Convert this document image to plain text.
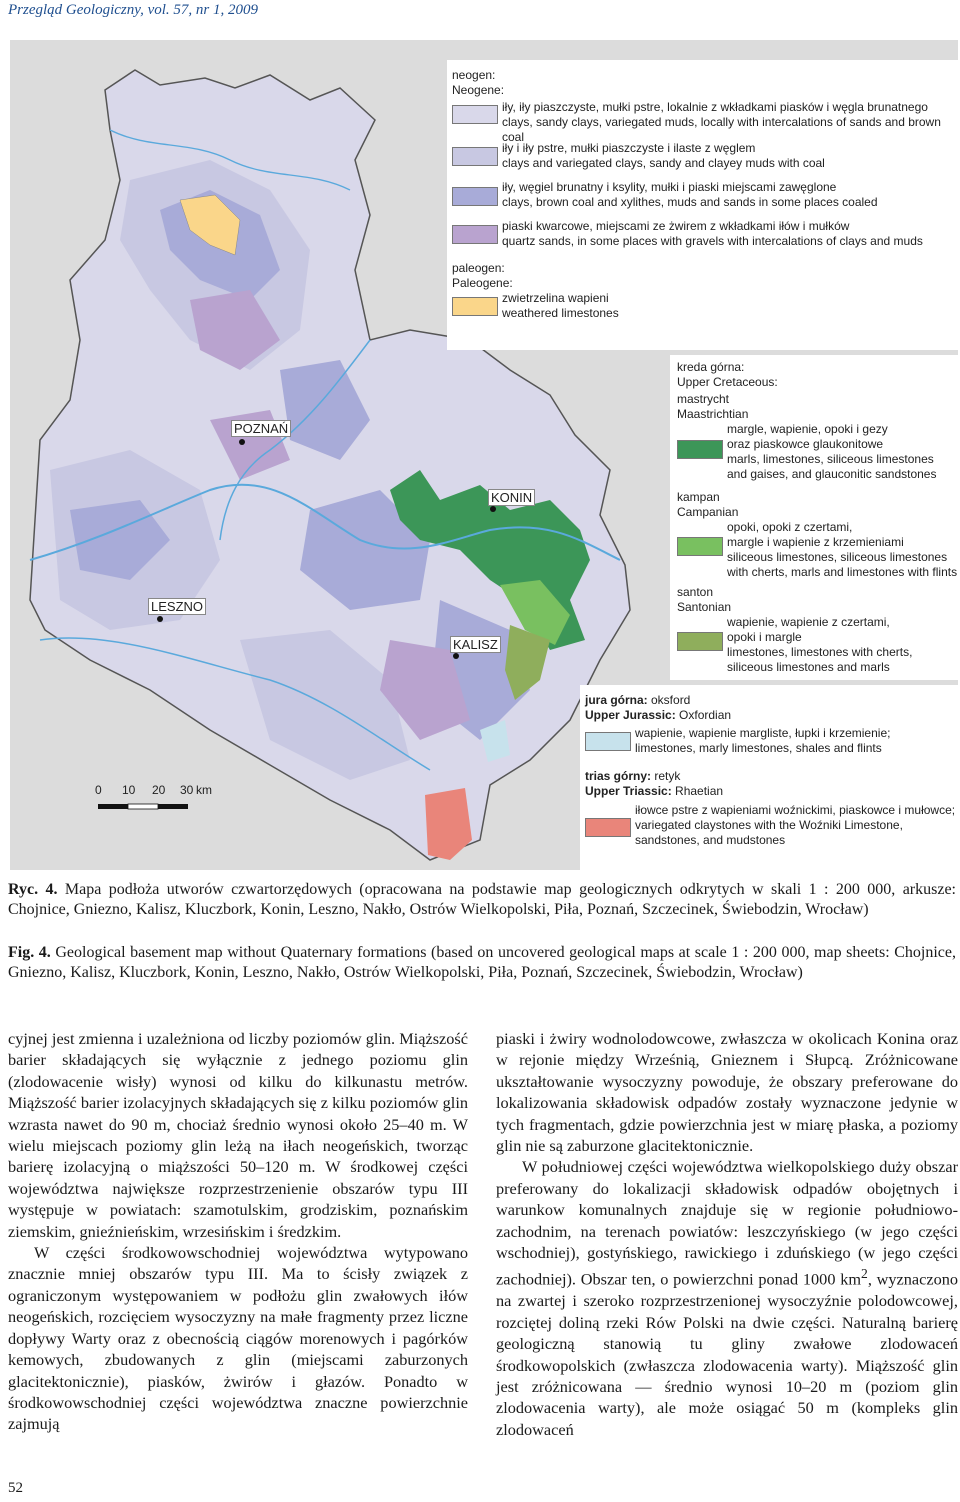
Przegląd Geologiczny, vol. 57, nr 1, 2009
POZNAŃ
KONIN
LESZNO
KALISZ
0 10 20 30 km
neogen:
Neogene:
iły, iły piaszczyste, mułki pstre, lokalnie z wkładkami piasków i węgla brunatnego
clays, sandy clays, variegated muds, locally with intercalations of sands and brown coal
iły i iły pstre, mułki piaszczyste i ilaste z węglem
clays and variegated clays, sandy and clayey muds with coal
iły, węgiel brunatny i ksylity, mułki i piaski miejscami zawęglone
clays, brown coal and xylithes, muds and sands in some places coaled
piaski kwarcowe, miejscami ze żwirem z wkładkami iłów i mułków
quartz sands, in some places with gravels with intercalations of clays and muds
paleogen:
Paleogene:
zwietrzelina wapieni
weathered limestones
kreda górna:
Upper Cretaceous:
mastrycht
Maastrichtian
margle, wapienie, opoki i gezy
oraz piaskowce glaukonitowe
marls, limestones, siliceous limestones
and gaises, and glauconitic sandstones
kampan
Campanian
opoki, opoki z czertami,
margle i wapienie z krzemieniami
siliceous limestones, siliceous limestones
with cherts, marls and limestones with flints
santon
Santonian
wapienie, wapienie z czertami,
opoki i margle
limestones, limestones with cherts,
siliceous limestones and marls
jura górna: oksford
Upper Jurassic: Oxfordian
wapienie, wapienie margliste, łupki i krzemienie;
limestones, marly limestones, shales and flints
trias górny: retyk
Upper Triassic: Rhaetian
iłowce pstre z wapieniami woźnickimi, piaskowce i mułowce;
variegated claystones with the Woźniki Limestone,
sandstones, and mudstones
Ryc. 4. Mapa podłoża utworów czwartorzędowych (opracowana na podstawie map geologicznych odkrytych w skali 1 : 200 000, arkusze: Chojnice, Gniezno, Kalisz, Kluczbork, Konin, Leszno, Nakło, Ostrów Wielkopolski, Piła, Poznań, Szczecinek, Świebodzin, Wrocław)
Fig. 4. Geological basement map without Quaternary formations (based on uncovered geological maps at scale 1 : 200 000, map sheets: Chojnice, Gniezno, Kalisz, Kluczbork, Konin, Leszno, Nakło, Ostrów Wielkopolski, Piła, Poznań, Szczecinek, Świebodzin, Wrocław)

cyjnej jest zmienna i uzależniona od liczby poziomów glin. Miąższość barier składających się wyłącznie z jednego poziomu glin (zlodowacenie wisły) wynosi od kilku do kilkunastu metrów. Miąższość barier izolacyjnych składających się z kilku poziomów glin wzrasta nawet do 90 m, chociaż średnio wynosi około 25–40 m. W wielu miejscach poziomy glin leżą na iłach neogeńskich, tworząc barierę izolacyjną o miąższości 50–120 m. W środkowej części województwa największe rozprzestrzenienie obszarów typu III występuje w powiatach: szamotulskim, grodziskim, poznańskim ziemskim, gnieźnieńskim, wrzesińskim i średzkim.

W części środkowowschodniej województwa wytypowano znacznie mniej obszarów typu III. Ma to ścisły związek z ograniczonym występowaniem w podłożu glin zwałowych iłów neogeńskich, rozcięciem wysoczyzny na małe fragmenty przez liczne dopływy Warty oraz z obecnością ciągów morenowych i pagórków kemowych, zbudowanych z glin (miejscami zaburzonych glacitektonicznie), piasków, żwirów i głazów. Ponadto w środkowowschodniej części województwa znaczne powierzchnie zajmują

piaski i żwiry wodnolodowcowe, zwłaszcza w okolicach Konina oraz w rejonie między Wrześnią, Gnieznem i Słupcą. Zróżnicowane ukształtowanie wysoczyzny powoduje, że obszary preferowane do lokalizowania składowisk odpadów zostały wyznaczone jedynie w tych fragmentach, gdzie powierzchnia jest w miarę płaska, a poziomy glin nie są zaburzone glacitektonicznie.

W południowej części województwa wielkopolskiego duży obszar preferowany do lokalizacji składowisk odpadów obojętnych i warunkow komunalnych znajduje się w regionie południowo-zachodnim, na terenach powiatów: leszczyńskiego (w jego części wschodniej), gostyńskiego, rawickiego i zduńskiego (w jego części zachodniej). Obszar ten, o powierzchni ponad 1000 $km^2$, wyznaczono na zwartej i szeroko rozprzestrzenionej wysoczyźnie polodowcowej, rozciętej doliną rzeki Rów Polski na dwie części. Naturalną barierę geologiczną stanowią tu gliny zwałowe zlodowaceń środkowopolskich (zwłaszcza zlodowacenia warty). Miąższość glin jest zróżnicowana — średnio wynosi 10–20 m (poziom glin zlodowacenia warty), ale może osiągać 50 m (kompleks glin zlodowaceń

52
